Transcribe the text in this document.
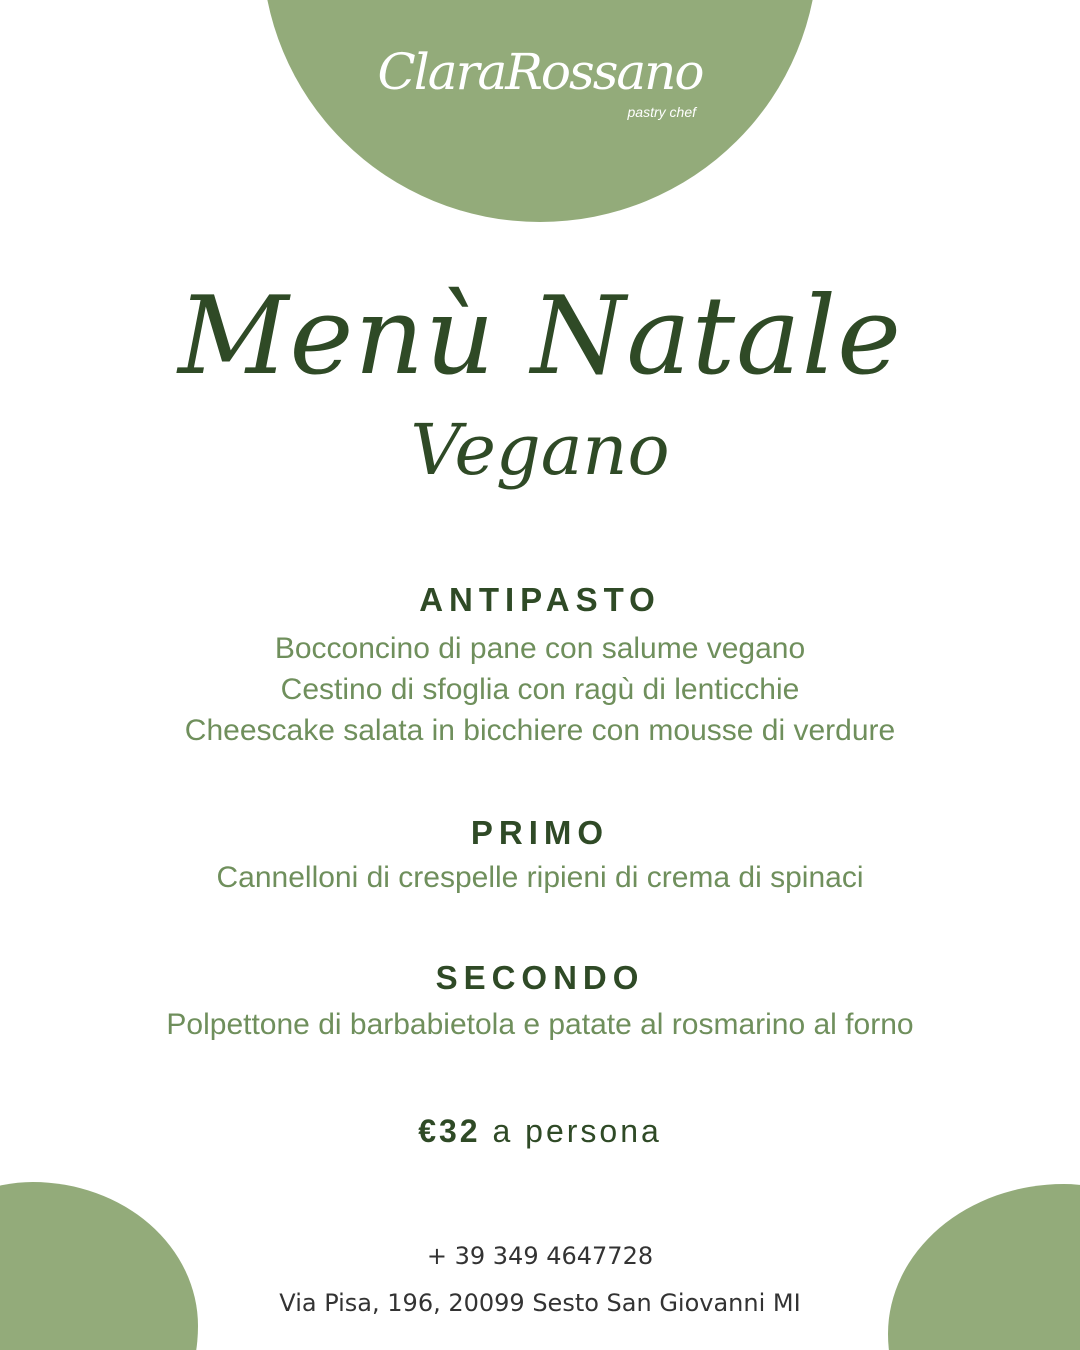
ClaraRossano
pastry chef
Menù Natale
Vegano
ANTIPASTO
Bocconcino di pane con salume vegano
Cestino di sfoglia con ragù di lenticchie
Cheescake salata in bicchiere con mousse di verdure
PRIMO
Cannelloni di crespelle ripieni di crema di spinaci
SECONDO
Polpettone di barbabietola e patate al rosmarino al forno
€32 a persona
+ 39 349 4647728
Via Pisa, 196, 20099 Sesto San Giovanni MI
